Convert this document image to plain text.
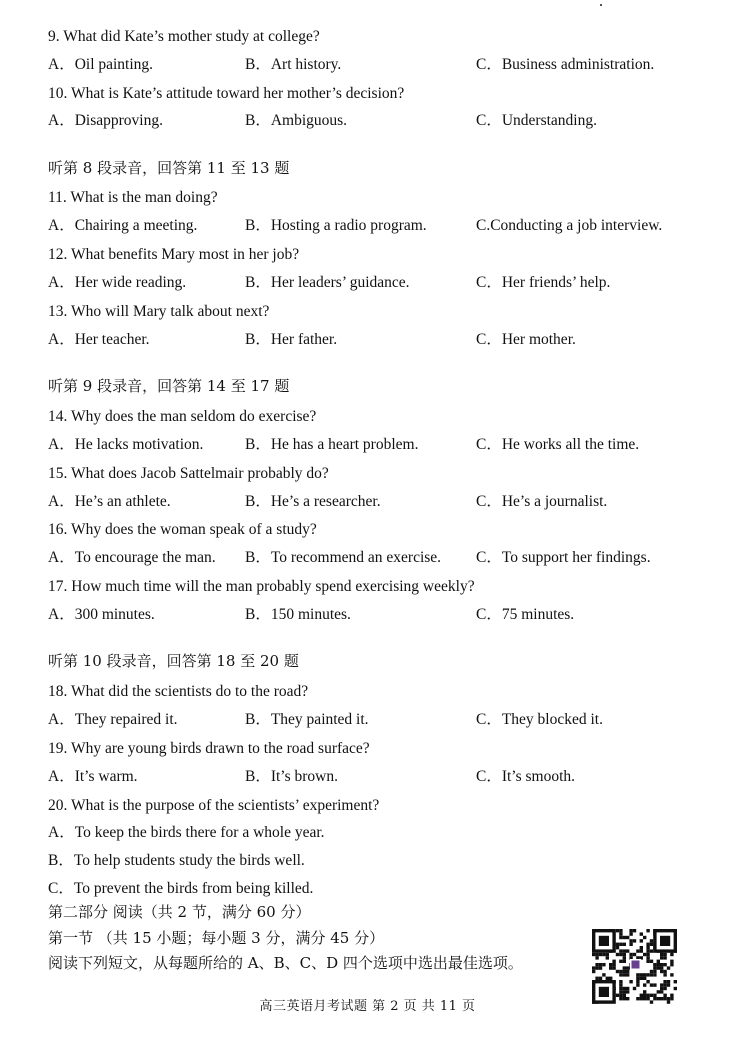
9. What did Kate’s mother study at college?
A．Oil painting.	B．Art history.	C．Business administration.
10. What is Kate’s attitude toward her mother’s decision?
A．Disapproving.	B．Ambiguous.	C．Understanding.
听第 8 段录音，回答第 11 至 13 题
11. What is the man doing?
A．Chairing a meeting.	B．Hosting a radio program.	C.Conducting a job interview.
12. What benefits Mary most in her job?
A．Her wide reading.	B．Her leaders’ guidance.	C．Her friends’ help.
13. Who will Mary talk about next?
A．Her teacher.	B．Her father.	C．Her mother.
听第 9 段录音，回答第 14 至 17 题
14. Why does the man seldom do exercise?
A．He lacks motivation.	B．He has a heart problem.	C．He works all the time.
15. What does Jacob Sattelmair probably do?
A．He’s an athlete.	B．He’s a researcher.	C．He’s a journalist.
16. Why does the woman speak of a study?
A．To encourage the man. B．To recommend an exercise. C．To support her findings.
17. How much time will the man probably spend exercising weekly?
A．300 minutes.	B．150 minutes.	C．75 minutes.
听第 10 段录音，回答第 18 至 20 题
18. What did the scientists do to the road?
A．They repaired it.	B．They painted it.	C．They blocked it.
19. Why are young birds drawn to the road surface?
A．It’s warm.	B．It’s brown.	C．It’s smooth.
20. What is the purpose of the scientists’ experiment?
A．To keep the birds there for a whole year.
B．To help students study the birds well.
C．To prevent the birds from being killed.
第二部分 阅读（共 2 节，满分 60 分）
第一节 （共 15 小题；每小题 3 分，满分 45 分）
阅读下列短文，从每题所给的 A、B、C、D 四个选项中选出最佳选项。
高三英语月考试题 第 2 页 共 11 页
